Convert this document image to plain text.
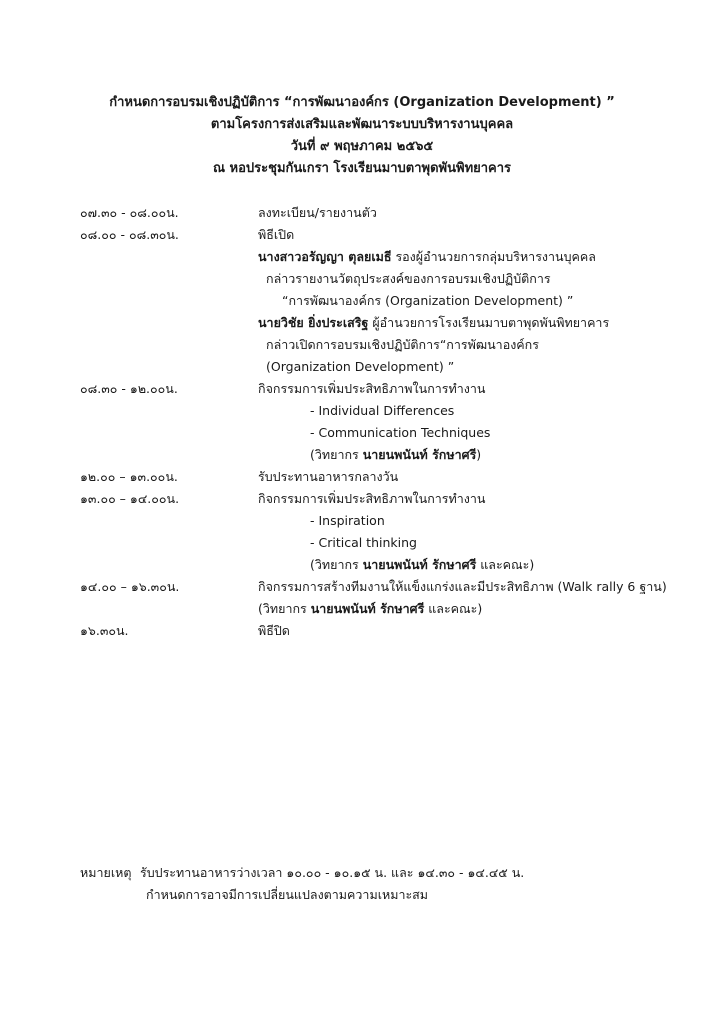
กำหนดการอบรมเชิงปฏิบัติการ “การพัฒนาองค์กร (Organization Development) ”
ตามโครงการส่งเสริมและพัฒนาระบบบริหารงานบุคคล
วันที่ ๙ พฤษภาคม ๒๕๖๕
ณ หอประชุมกันเกรา โรงเรียนมาบตาพุดพันพิทยาคาร
๐๗.๓๐ - ๐๘.๐๐น.	ลงทะเบียน/รายงานตัว
๐๘.๐๐ - ๐๘.๓๐น.	พิธีเปิด
นางสาวอรัญญา ตุลยเมธี รองผู้อำนวยการกลุ่มบริหารงานบุคคล
กล่าวรายงานวัตถุประสงค์ของการอบรมเชิงปฏิบัติการ
“การพัฒนาองค์กร (Organization Development) ”
นายวิชัย ยิ่งประเสริฐ ผู้อำนวยการโรงเรียนมาบตาพุดพันพิทยาคาร
กล่าวเปิดการอบรมเชิงปฏิบัติการ“การพัฒนาองค์กร
(Organization Development) ”
๐๘.๓๐ - ๑๒.๐๐น.	กิจกรรมการเพิ่มประสิทธิภาพในการทำงาน
- Individual Differences
- Communication Techniques
(วิทยากร นายนพนันท์ รักษาศรี)
๑๒.๐๐ – ๑๓.๐๐น.	รับประทานอาหารกลางวัน
๑๓.๐๐ – ๑๔.๐๐น.	กิจกรรมการเพิ่มประสิทธิภาพในการทำงาน
- Inspiration
- Critical thinking
(วิทยากร นายนพนันท์ รักษาศรี และคณะ)
๑๔.๐๐ – ๑๖.๓๐น.	กิจกรรมการสร้างทีมงานให้แข็งแกร่งและมีประสิทธิภาพ (Walk rally 6 ฐาน)
(วิทยากร นายนพนันท์ รักษาศรี และคณะ)
๑๖.๓๐น.	พิธีปิด
หมายเหตุ รับประทานอาหารว่างเวลา ๑๐.๐๐ - ๑๐.๑๕ น. และ ๑๔.๓๐ - ๑๔.๔๕ น.
กำหนดการอาจมีการเปลี่ยนแปลงตามความเหมาะสม
